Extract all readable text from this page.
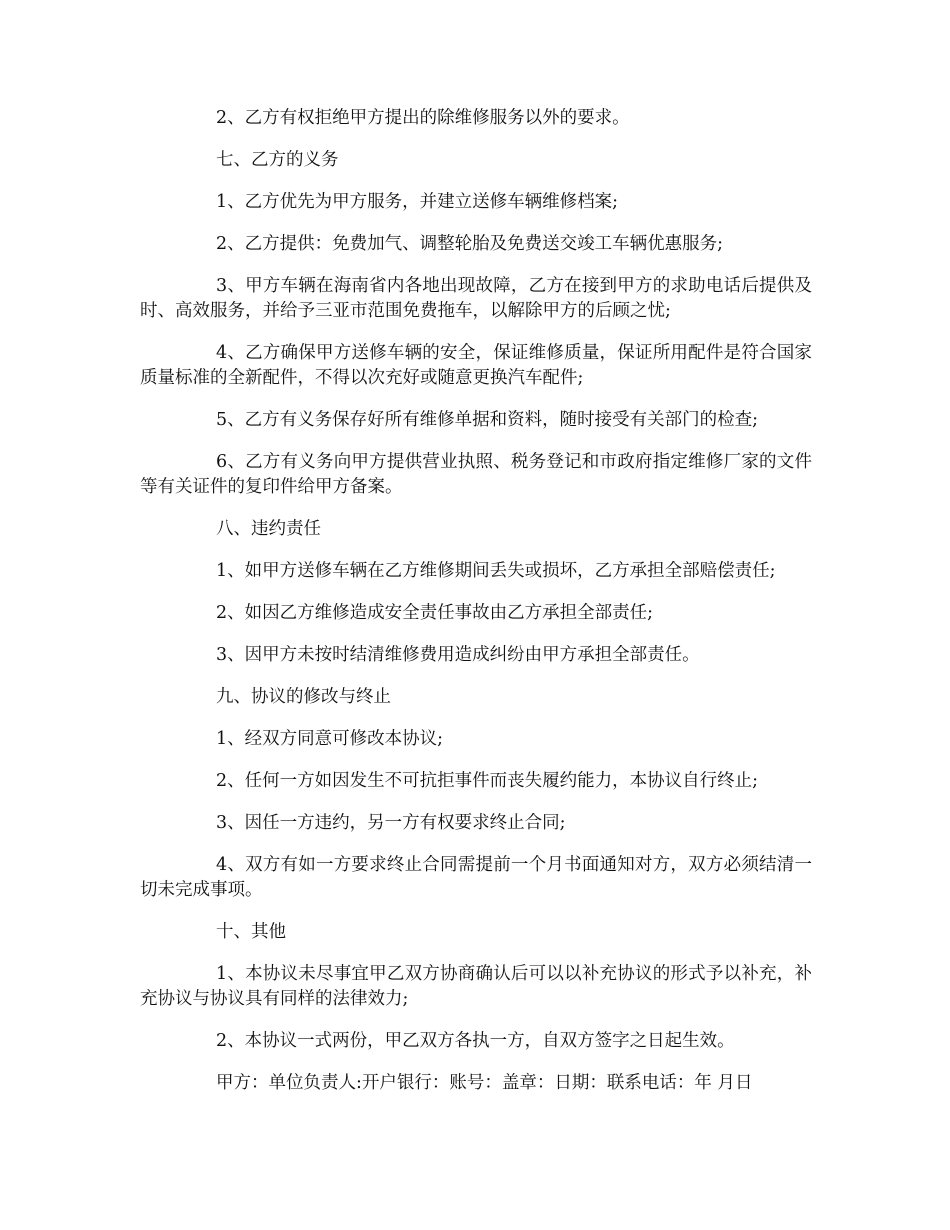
2、乙方有权拒绝甲方提出的除维修服务以外的要求。

七、乙方的义务

1、乙方优先为甲方服务，并建立送修车辆维修档案;

2、乙方提供：免费加气、调整轮胎及免费送交竣工车辆优惠服务;

3、甲方车辆在海南省内各地出现故障，乙方在接到甲方的求助电话后提供及时、高效服务，并给予三亚市范围免费拖车，以解除甲方的后顾之忧;

4、乙方确保甲方送修车辆的安全，保证维修质量，保证所用配件是符合国家质量标准的全新配件，不得以次充好或随意更换汽车配件;

5、乙方有义务保存好所有维修单据和资料，随时接受有关部门的检查;

6、乙方有义务向甲方提供营业执照、税务登记和市政府指定维修厂家的文件等有关证件的复印件给甲方备案。

八、违约责任

1、如甲方送修车辆在乙方维修期间丢失或损坏，乙方承担全部赔偿责任;

2、如因乙方维修造成安全责任事故由乙方承担全部责任;

3、因甲方未按时结清维修费用造成纠纷由甲方承担全部责任。

九、协议的修改与终止

1、经双方同意可修改本协议;

2、任何一方如因发生不可抗拒事件而丧失履约能力，本协议自行终止;

3、因任一方违约，另一方有权要求终止合同;

4、双方有如一方要求终止合同需提前一个月书面通知对方，双方必须结清一切未完成事项。

十、其他

1、本协议未尽事宜甲乙双方协商确认后可以以补充协议的形式予以补充，补充协议与协议具有同样的法律效力;

2、本协议一式两份，甲乙双方各执一方，自双方签字之日起生效。

甲方：单位负责人:开户银行：账号：盖章：日期：联系电话：年 月日
